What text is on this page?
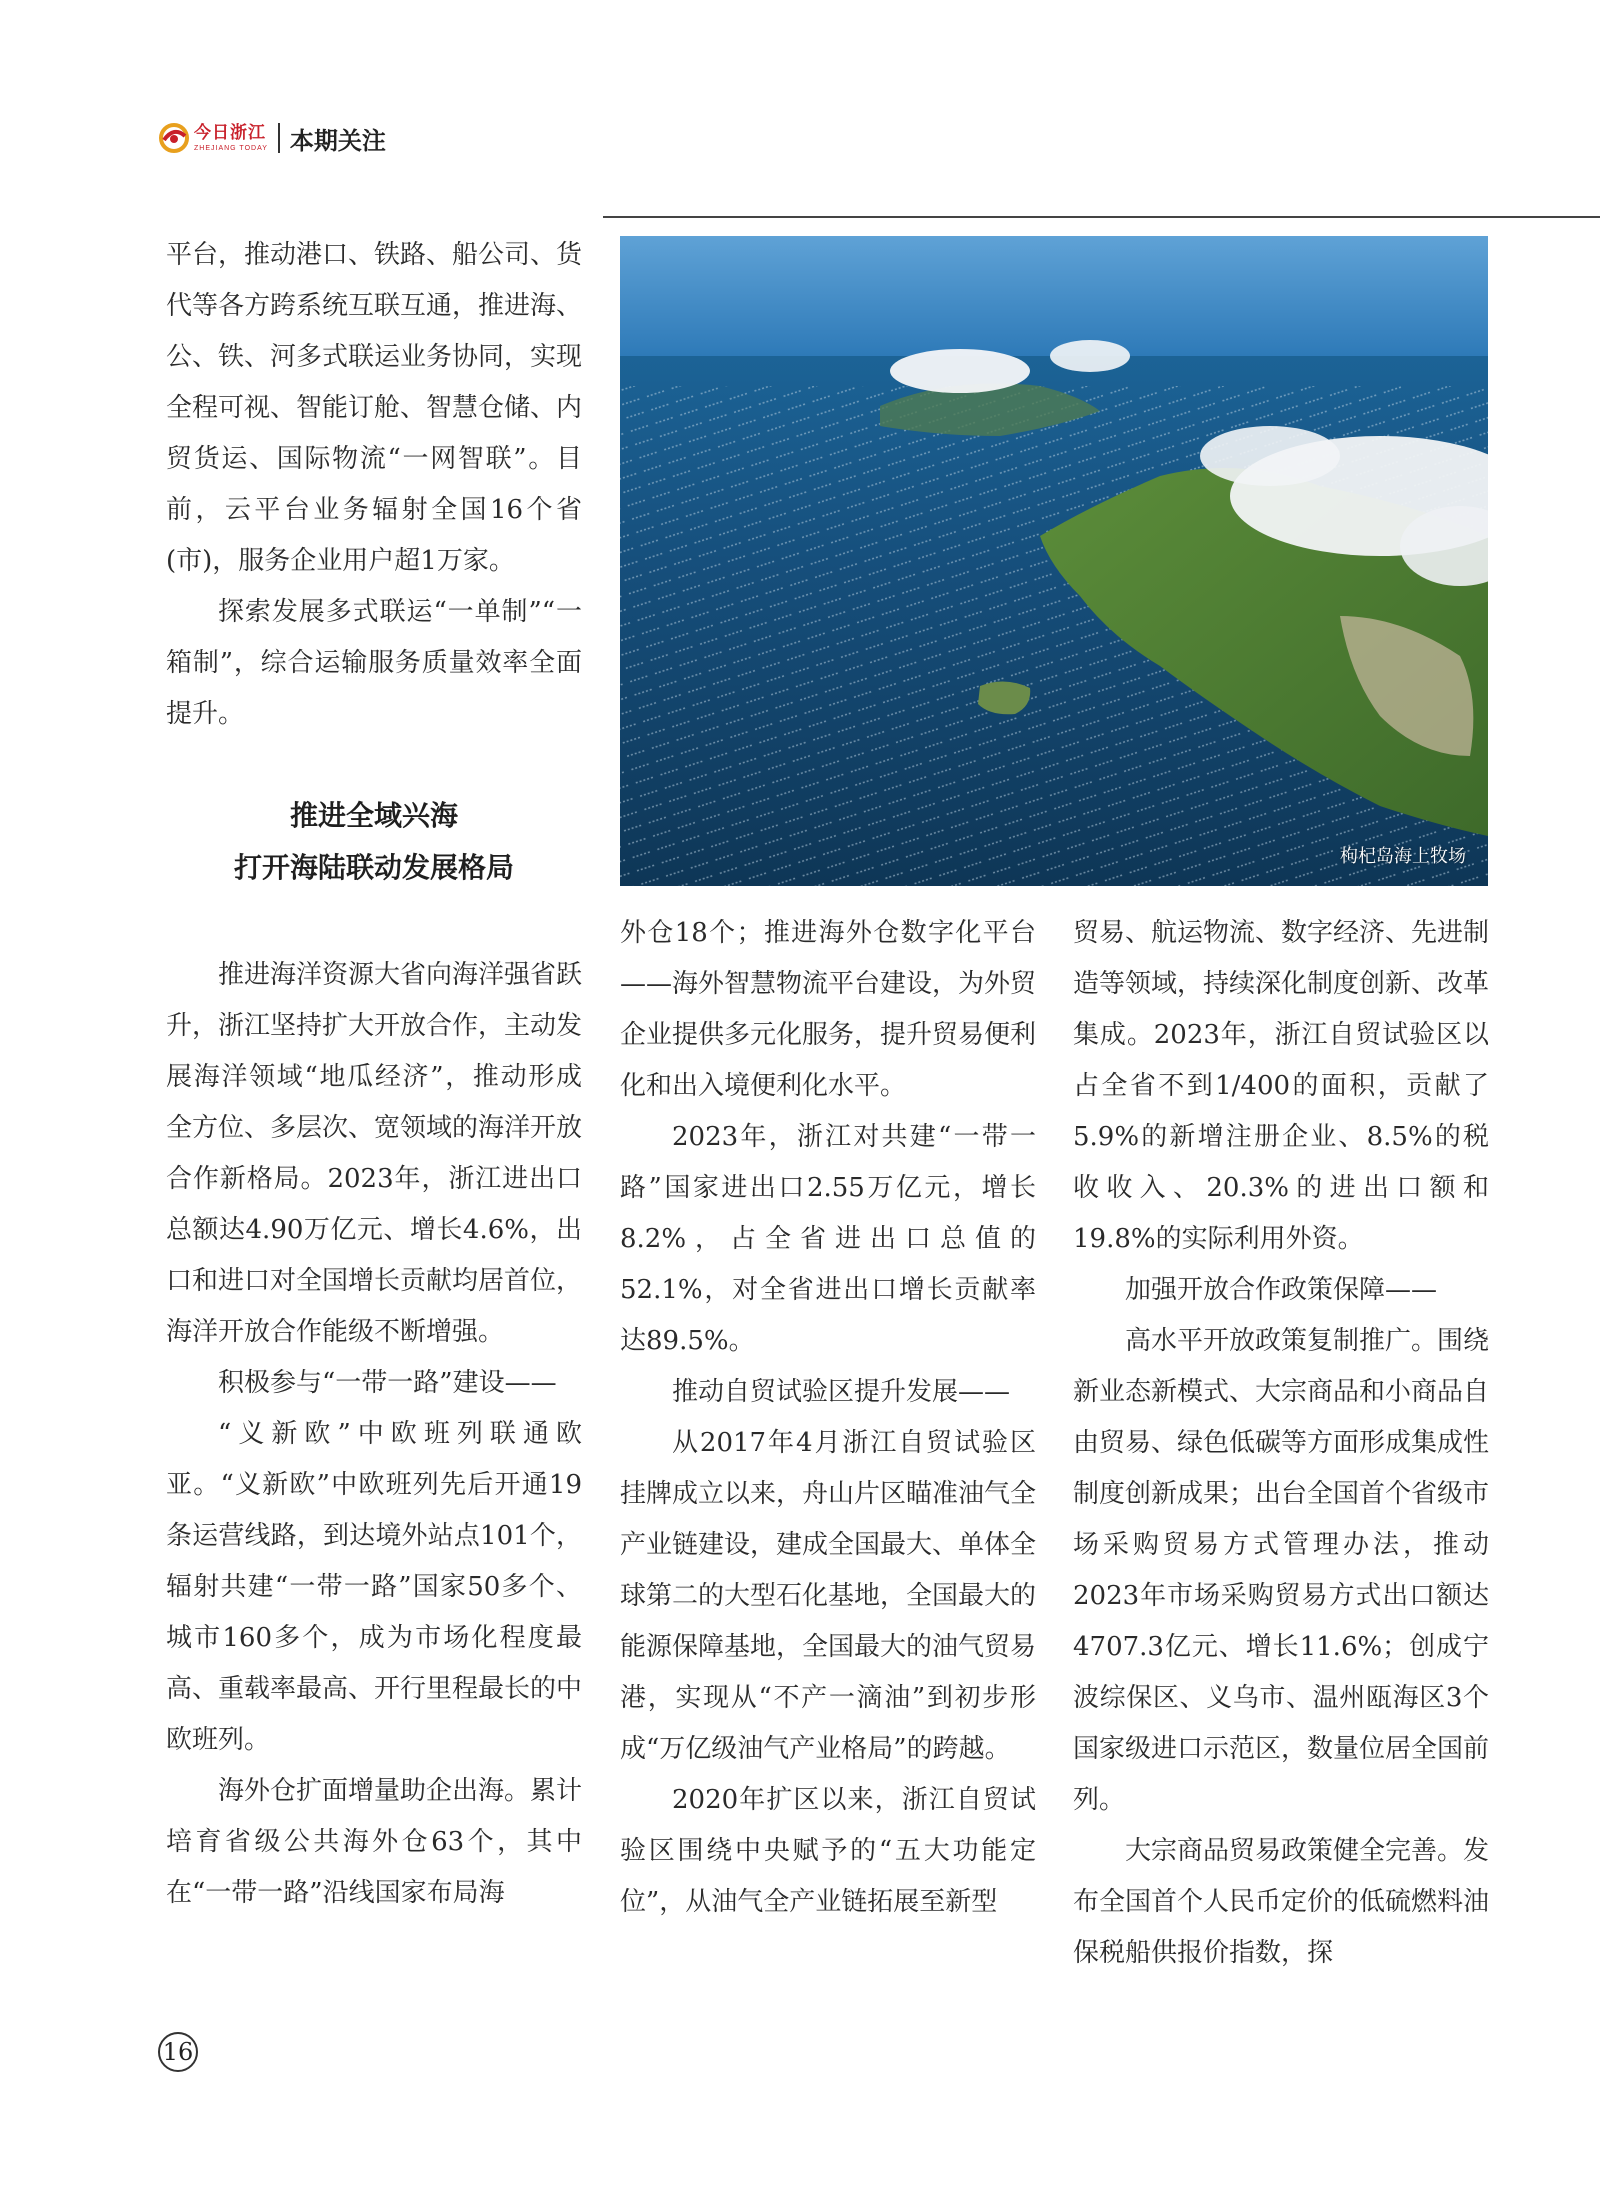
今日浙江
ZHEJIANG TODAY 本期关注

平台，推动港口、铁路、船公司、货代等各方跨系统互联互通，推进海、公、铁、河多式联运业务协同，实现全程可视、智能订舱、智慧仓储、内贸货运、国际物流“一网智联”。目前，云平台业务辐射全国16个省(市)，服务企业用户超1万家。

探索发展多式联运“一单制”“一箱制”，综合运输服务质量效率全面提升。

推进全域兴海
打开海陆联动发展格局

推进海洋资源大省向海洋强省跃升，浙江坚持扩大开放合作，主动发展海洋领域“地瓜经济”，推动形成全方位、多层次、宽领域的海洋开放合作新格局。2023年，浙江进出口总额达4.90万亿元、增长4.6%，出口和进口对全国增长贡献均居首位，海洋开放合作能级不断增强。

积极参与“一带一路”建设——

“义新欧”中欧班列联通欧亚。“义新欧”中欧班列先后开通19条运营线路，到达境外站点101个，辐射共建“一带一路”国家50多个、城市160多个，成为市场化程度最高、重载率最高、开行里程最长的中欧班列。

海外仓扩面增量助企出海。累计培育省级公共海外仓63个，其中在“一带一路”沿线国家布局海

枸杞岛海上牧场

外仓18个；推进海外仓数字化平台——海外智慧物流平台建设，为外贸企业提供多元化服务，提升贸易便利化和出入境便利化水平。

2023年，浙江对共建“一带一路”国家进出口2.55万亿元，增长8.2%，占全省进出口总值的52.1%，对全省进出口增长贡献率达89.5%。

推动自贸试验区提升发展——

从2017年4月浙江自贸试验区挂牌成立以来，舟山片区瞄准油气全产业链建设，建成全国最大、单体全球第二的大型石化基地，全国最大的能源保障基地，全国最大的油气贸易港，实现从“不产一滴油”到初步形成“万亿级油气产业格局”的跨越。

2020年扩区以来，浙江自贸试验区围绕中央赋予的“五大功能定位”，从油气全产业链拓展至新型

贸易、航运物流、数字经济、先进制造等领域，持续深化制度创新、改革集成。2023年，浙江自贸试验区以占全省不到1/400的面积，贡献了5.9%的新增注册企业、8.5%的税收收入、20.3%的进出口额和19.8%的实际利用外资。

加强开放合作政策保障——

高水平开放政策复制推广。围绕新业态新模式、大宗商品和小商品自由贸易、绿色低碳等方面形成集成性制度创新成果；出台全国首个省级市场采购贸易方式管理办法，推动2023年市场采购贸易方式出口额达4707.3亿元、增长11.6%；创成宁波综保区、义乌市、温州瓯海区3个国家级进口示范区，数量位居全国前列。

大宗商品贸易政策健全完善。发布全国首个人民币定价的低硫燃料油保税船供报价指数，探

16
